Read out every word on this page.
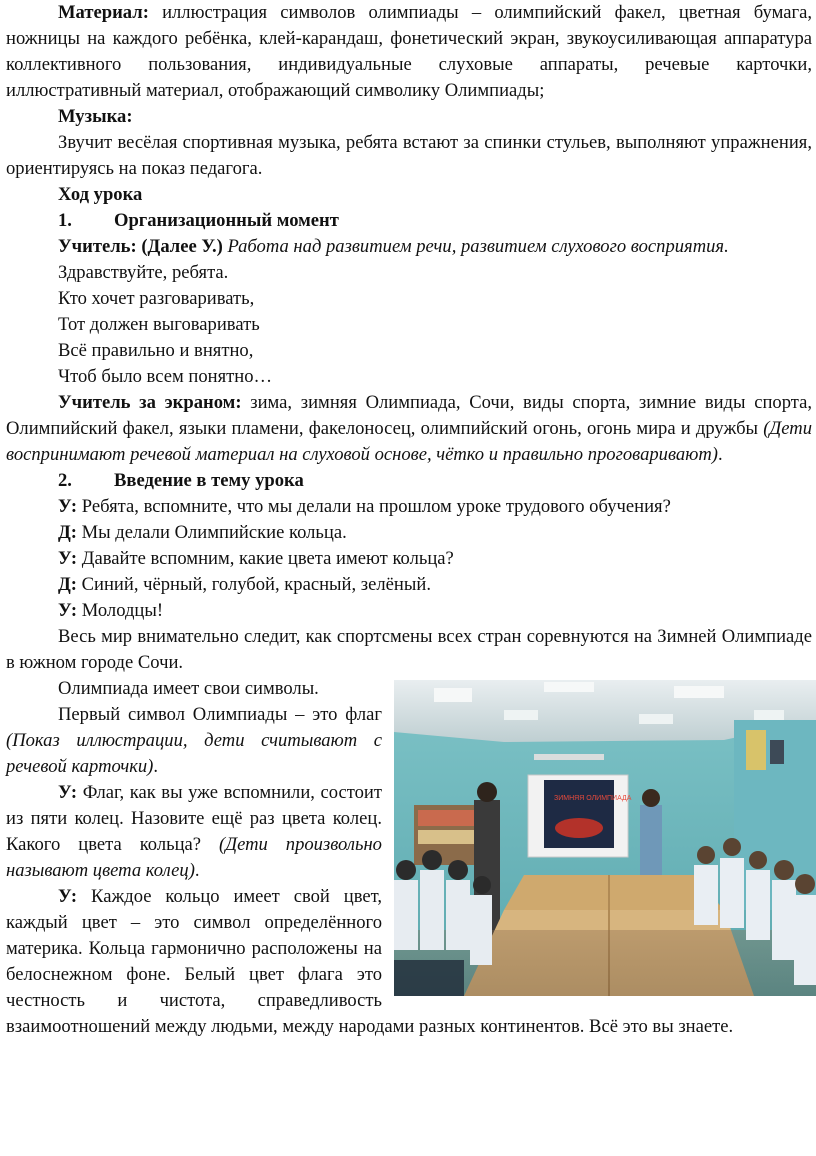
Материал: иллюстрация символов олимпиады – олимпийский факел, цветная бумага, ножницы на каждого ребёнка, клей-карандаш, фонетический экран, звукоусиливающая аппаратура коллективного пользования, индивидуальные слуховые аппараты, речевые карточки, иллюстративный материал, отображающий символику Олимпиады;

Музыка:

Звучит весёлая спортивная музыка, ребята встают за спинки стульев, выполняют упражнения, ориентируясь на показ педагога.

Ход урока

1. Организационный момент

Учитель: (Далее У.) Работа над развитием речи, развитием слухового восприятия.

Здравствуйте, ребята.

Кто хочет разговаривать,

Тот должен выговаривать

Всё правильно и внятно,

Чтоб было всем понятно…

Учитель за экраном: зима, зимняя Олимпиада, Сочи, виды спорта, зимние виды спорта, Олимпийский факел, языки пламени, факелоносец, олимпийский огонь, огонь мира и дружбы (Дети воспринимают речевой материал на слуховой основе, чётко и правильно проговаривают).

2. Введение в тему урока

У: Ребята, вспомните, что мы делали на прошлом уроке трудового обучения?

Д: Мы делали Олимпийские кольца.

У: Давайте вспомним, какие цвета имеют кольца?

Д: Синий, чёрный, голубой, красный, зелёный.

У: Молодцы!

Весь мир внимательно следит, как спортсмены всех стран соревнуются на Зимней Олимпиаде в южном городе Сочи.

ЗИМНЯЯ ОЛИМПИАДА

Олимпиада имеет свои символы.

Первый символ Олимпиады – это флаг (Показ иллюстрации, дети считывают с речевой карточки).

У: Флаг, как вы уже вспомнили, состоит из пяти колец. Назовите ещё раз цвета колец. Какого цвета кольца? (Дети произвольно называют цвета колец).

У: Каждое кольцо имеет свой цвет, каждый цвет – это символ определённого материка. Кольца гармонично расположены на белоснежном фоне. Белый цвет флага это честность и чистота, справедливость взаимоотношений между людьми, между народами разных континентов. Всё это вы знаете.
